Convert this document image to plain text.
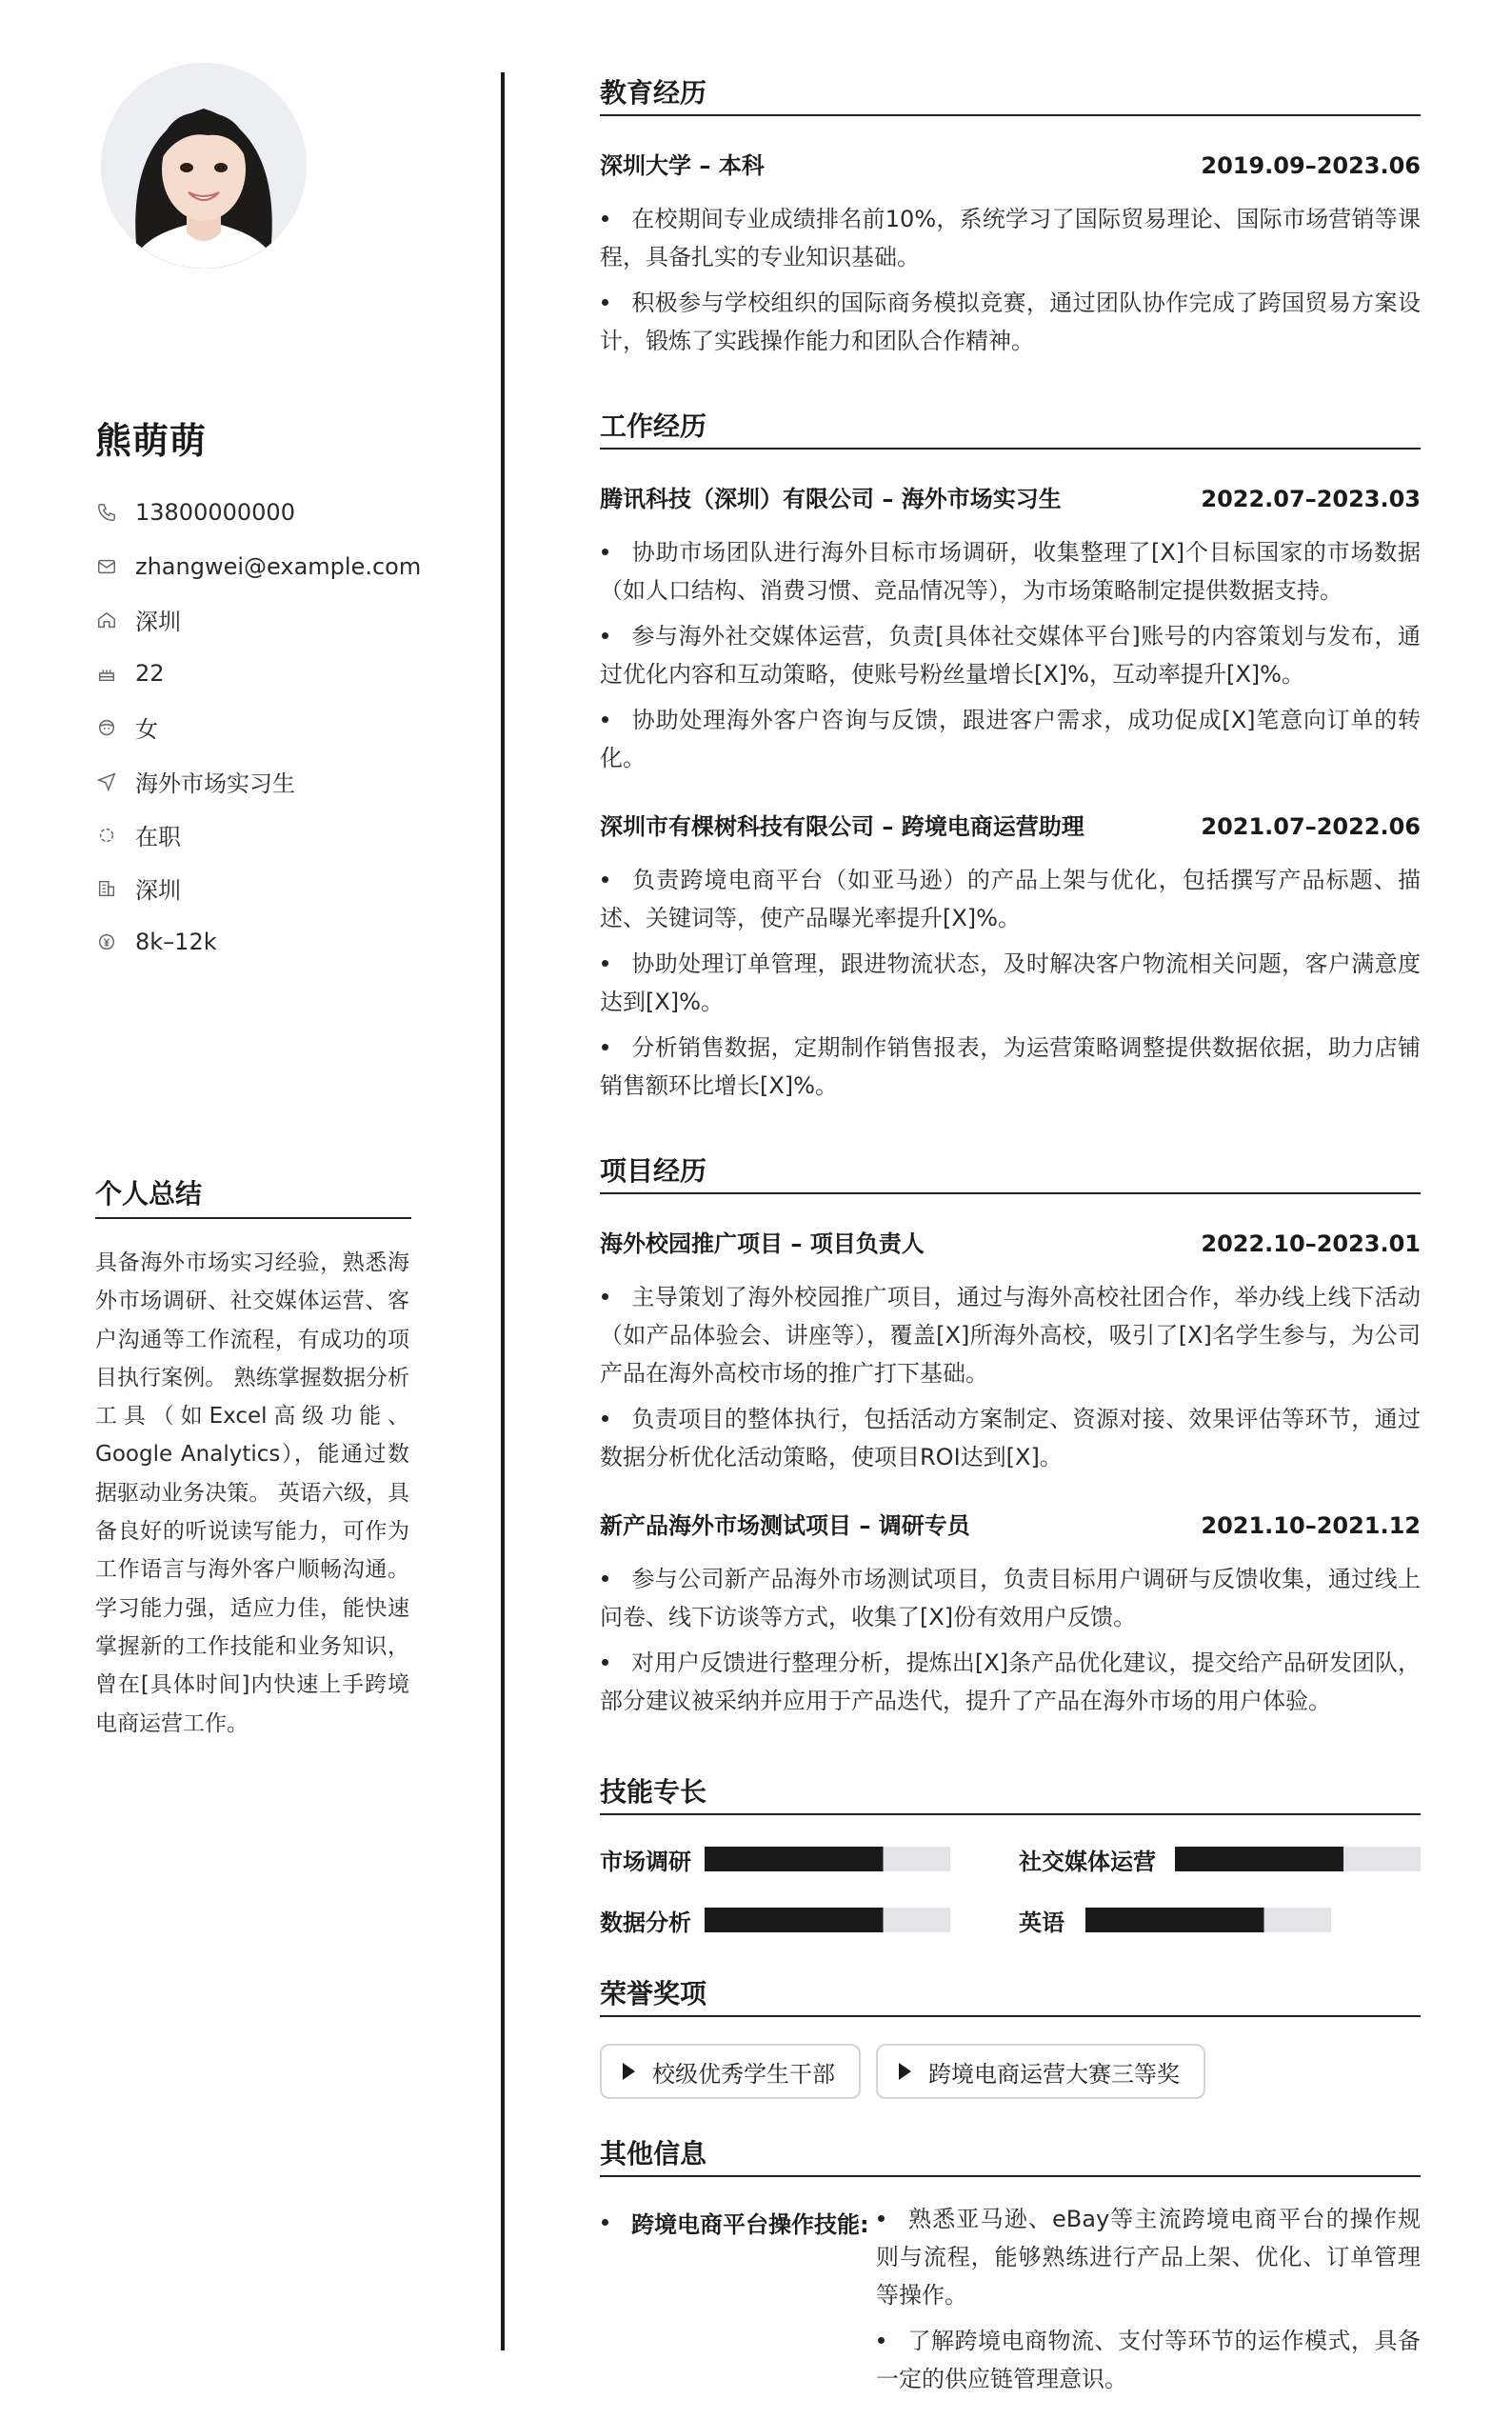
熊萌萌
13800000000
zhangwei@example.com
深圳
22
女
海外市场实习生
在职
深圳
8k–12k
个人总结

具备海外市场实习经验，熟悉海外市场调研、社交媒体运营、客户沟通等工作流程，有成功的项目执行案例。 熟练掌握数据分析工具（如Excel高级功能、Google Analytics），能通过数据驱动业务决策。 英语六级，具备良好的听说读写能力，可作为工作语言与海外客户顺畅沟通。 学习能力强，适应力佳，能快速掌握新的工作技能和业务知识，曾在[具体时间]内快速上手跨境电商运营工作。

教育经历
深圳大学 – 本科	2019.09–2023.06
在校期间专业成绩排名前10%，系统学习了国际贸易理论、国际市场营销等课程，具备扎实的专业知识基础。
积极参与学校组织的国际商务模拟竞赛，通过团队协作完成了跨国贸易方案设计，锻炼了实践操作能力和团队合作精神。
工作经历
腾讯科技（深圳）有限公司 – 海外市场实习生	2022.07–2023.03
协助市场团队进行海外目标市场调研，收集整理了[X]个目标国家的市场数据（如人口结构、消费习惯、竞品情况等），为市场策略制定提供数据支持。
参与海外社交媒体运营，负责[具体社交媒体平台]账号的内容策划与发布，通过优化内容和互动策略，使账号粉丝量增长[X]%，互动率提升[X]%。
协助处理海外客户咨询与反馈，跟进客户需求，成功促成[X]笔意向订单的转化。
深圳市有棵树科技有限公司 – 跨境电商运营助理	2021.07–2022.06
负责跨境电商平台（如亚马逊）的产品上架与优化，包括撰写产品标题、描述、关键词等，使产品曝光率提升[X]%。
协助处理订单管理，跟进物流状态，及时解决客户物流相关问题，客户满意度达到[X]%。
分析销售数据，定期制作销售报表，为运营策略调整提供数据依据，助力店铺销售额环比增长[X]%。
项目经历
海外校园推广项目 – 项目负责人	2022.10–2023.01
主导策划了海外校园推广项目，通过与海外高校社团合作，举办线上线下活动（如产品体验会、讲座等），覆盖[X]所海外高校，吸引了[X]名学生参与，为公司产品在海外高校市场的推广打下基础。
负责项目的整体执行，包括活动方案制定、资源对接、效果评估等环节，通过数据分析优化活动策略，使项目ROI达到[X]。
新产品海外市场测试项目 – 调研专员	2021.10–2021.12
参与公司新产品海外市场测试项目，负责目标用户调研与反馈收集，通过线上问卷、线下访谈等方式，收集了[X]份有效用户反馈。
对用户反馈进行整理分析，提炼出[X]条产品优化建议，提交给产品研发团队，部分建议被采纳并应用于产品迭代，提升了产品在海外市场的用户体验。
技能专长
市场调研	社交媒体运营
数据分析	英语
荣誉奖项
校级优秀学生干部	跨境电商运营大赛三等奖
其他信息
跨境电商平台操作技能:	熟悉亚马逊、eBay等主流跨境电商平台的操作规则与流程，能够熟练进行产品上架、优化、订单管理等操作。
了解跨境电商物流、支付等环节的运作模式，具备一定的供应链管理意识。
